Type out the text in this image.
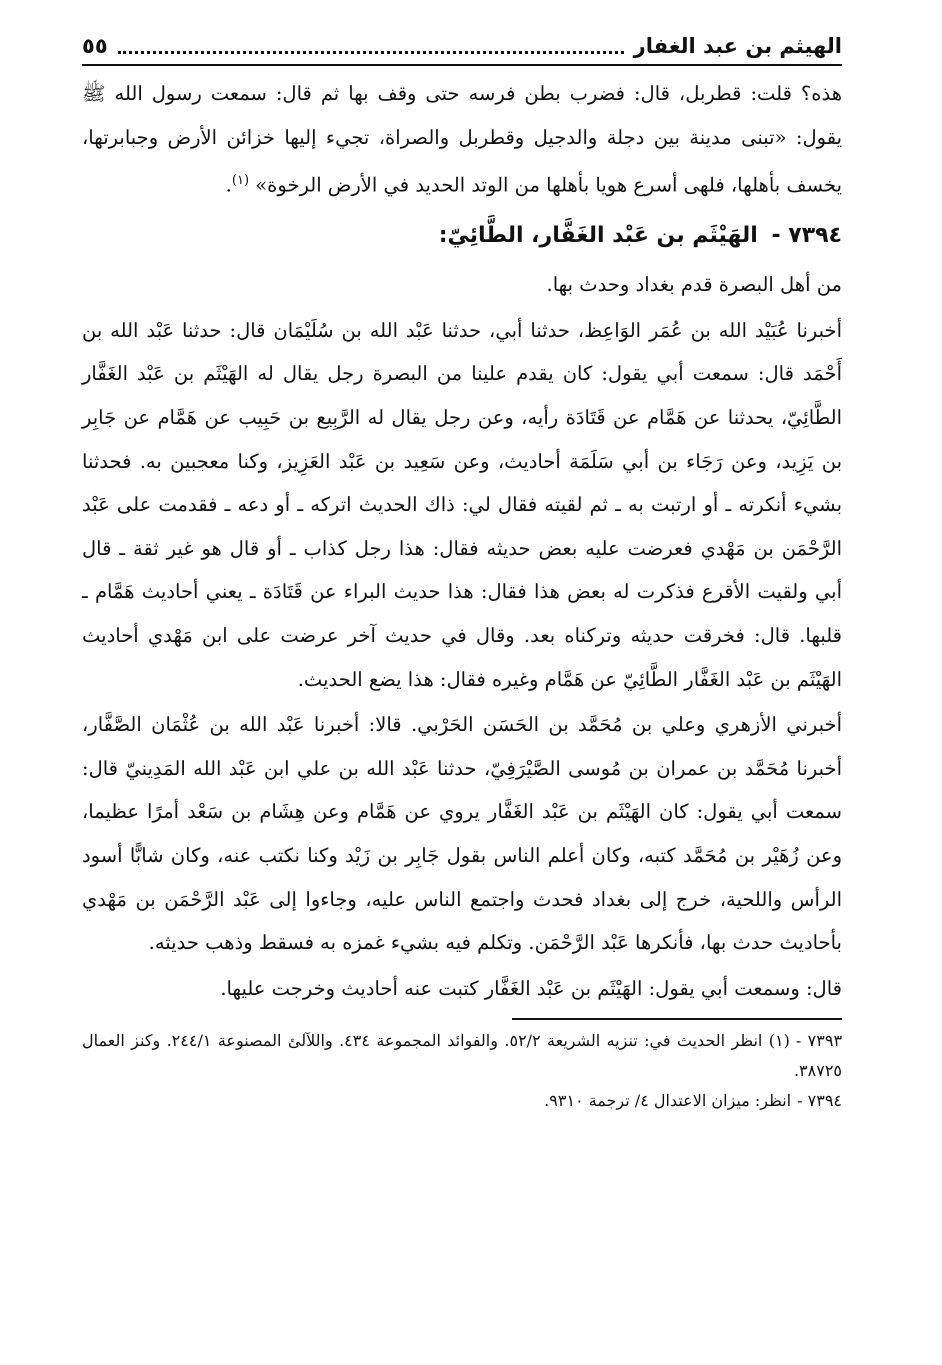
الهيثم بن عبد الغفار
٥٥

هذه؟ قلت: قطربل، قال: فضرب بطن فرسه حتى وقف بها ثم قال: سمعت رسول الله ﷺ يقول: «تبنى مدينة بين دجلة والدجيل وقطربل والصراة، تجيء إليها خزائن الأرض وجبابرتها، يخسف بأهلها، فلهى أسرع هويا بأهلها من الوتد الحديد في الأرض الرخوة» $^{(١)}$.

٧٣٩٤ - الهَيْثَم بن عَبْد الغَفَّار، الطَّائِيّ:

من أهل البصرة قدم بغداد وحدث بها.

أخبرنا عُبَيْد الله بن عُمَر الوَاعِظ، حدثنا أبي، حدثنا عَبْد الله بن سُلَيْمَان قال: حدثنا عَبْد الله بن أَحْمَد قال: سمعت أبي يقول: كان يقدم علينا من البصرة رجل يقال له الهَيْثَم بن عَبْد الغَفَّار الطَّائِيّ، يحدثنا عن هَمَّام عن قَتَادَة رأيه، وعن رجل يقال له الرَّبِيع بن حَبِيب عن هَمَّام عن جَابِر بن يَزِيد، وعن رَجَاء بن أبي سَلَمَة أحاديث، وعن سَعِيد بن عَبْد العَزِيز، وكنا معجبين به. فحدثنا بشيء أنكرته ـ أو ارتبت به ـ ثم لقيته فقال لي: ذاك الحديث اتركه ـ أو دعه ـ فقدمت على عَبْد الرَّحْمَن بن مَهْدي فعرضت عليه بعض حديثه فقال: هذا رجل كذاب ـ أو قال هو غير ثقة ـ قال أبي ولقيت الأقرع فذكرت له بعض هذا فقال: هذا حديث البراء عن قَتَادَة ـ يعني أحاديث هَمَّام ـ قلبها. قال: فخرقت حديثه وتركناه بعد. وقال في حديث آخر عرضت على ابن مَهْدي أحاديث الهَيْثَم بن عَبْد الغَفَّار الطَّائِيّ عن هَمَّام وغيره فقال: هذا يضع الحديث.

أخبرني الأزهري وعلي بن مُحَمَّد بن الحَسَن الحَرْبي. قالا: أخبرنا عَبْد الله بن عُثْمَان الصَّفَّار، أخبرنا مُحَمَّد بن عمران بن مُوسى الصَّيْرَفِيّ، حدثنا عَبْد الله بن علي ابن عَبْد الله المَدِينيّ قال: سمعت أبي يقول: كان الهَيْثَم بن عَبْد الغَفَّار يروي عن هَمَّام وعن هِشَام بن سَعْد أمرًا عظيما، وعن زُهَيْر بن مُحَمَّد كتبه، وكان أعلم الناس بقول جَابِر بن زَيْد وكنا نكتب عنه، وكان شابًّا أسود الرأس واللحية، خرج إلى بغداد فحدث واجتمع الناس عليه، وجاءوا إلى عَبْد الرَّحْمَن بن مَهْدي بأحاديث حدث بها، فأنكرها عَبْد الرَّحْمَن. وتكلم فيه بشيء غمزه به فسقط وذهب حديثه.

قال: وسمعت أبي يقول: الهَيْثَم بن عَبْد الغَفَّار كتبت عنه أحاديث وخرجت عليها.

٧٣٩٣ -(١) انظر الحديث في: تنزيه الشريعة ٥٢/٢. والفوائد المجموعة ٤٣٤. واللآلئ المصنوعة ٢٤٤/١. وكنز العمال ٣٨٧٢٥.

٧٣٩٤ -انظر: ميزان الاعتدال ٤/ ترجمة ٩٣١٠.
